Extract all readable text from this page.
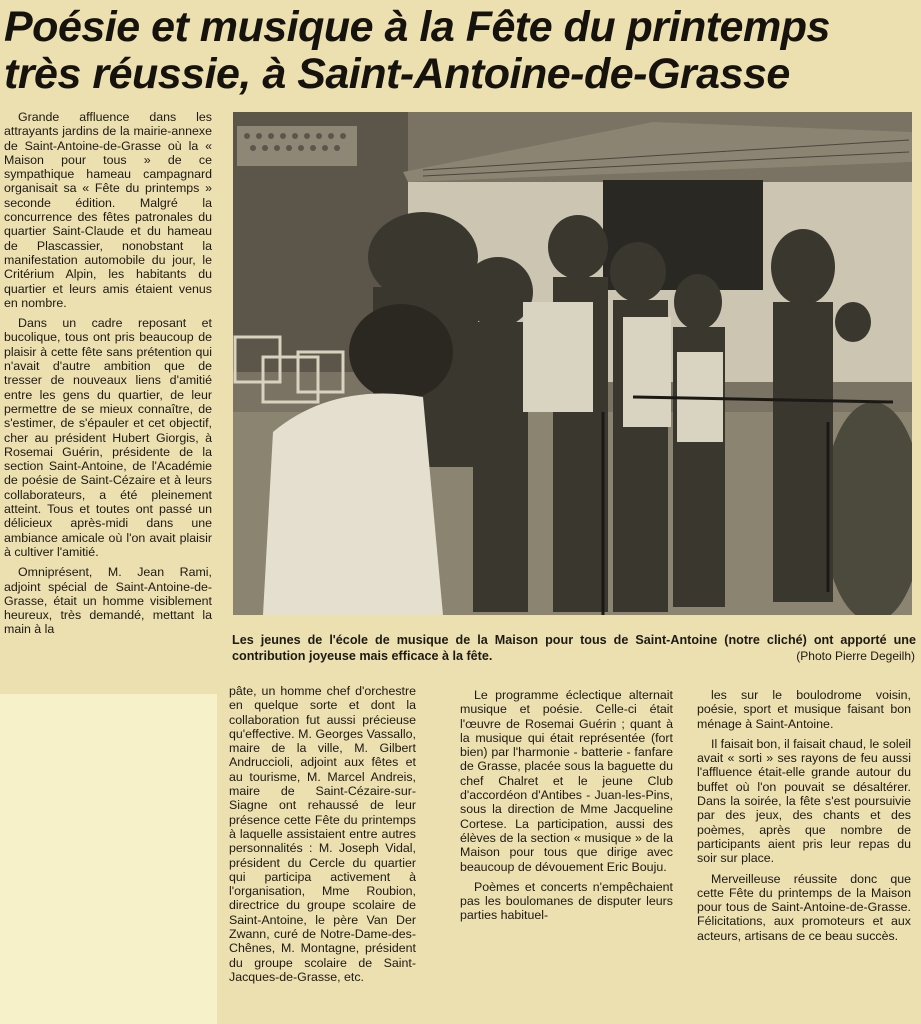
Poésie et musique à la Fête du printemps
très réussie, à Saint-Antoine-de-Grasse

Grande affluence dans les attrayants jardins de la mairie-annexe de Saint-Antoine-de-Grasse où la « Maison pour tous » de ce sympathique hameau campagnard organisait sa « Fête du printemps » seconde édition. Malgré la concurrence des fêtes patronales du quartier Saint-Claude et du hameau de Plascassier, nonobstant la manifestation automobile du jour, le Critérium Alpin, les habitants du quartier et leurs amis étaient venus en nombre.

Dans un cadre reposant et bucolique, tous ont pris beaucoup de plaisir à cette fête sans prétention qui n'avait d'autre ambition que de tresser de nouveaux liens d'amitié entre les gens du quartier, de leur permettre de se mieux connaître, de s'estimer, de s'épauler et cet objectif, cher au président Hubert Giorgis, à Rosemai Guérin, présidente de la section Saint-Antoine, de l'Académie de poésie de Saint-Cézaire et à leurs collaborateurs, a été pleinement atteint. Tous et toutes ont passé un délicieux après-midi dans une ambiance amicale où l'on avait plaisir à cultiver l'amitié.

Omniprésent, M. Jean Rami, adjoint spécial de Saint-Antoine-de-Grasse, était un homme visiblement heureux, très demandé, mettant la main à la

Les jeunes de l'école de musique de la Maison pour tous de Saint-Antoine (notre cliché) ont apporté une contribution joyeuse mais efficace à la fête.	(Photo Pierre Degeilh)

pâte, un homme chef d'orchestre en quelque sorte et dont la collaboration fut aussi précieuse qu'effective. M. Georges Vassallo, maire de la ville, M. Gilbert Andruccioli, adjoint aux fêtes et au tourisme, M. Marcel Andreis, maire de Saint-Cézaire-sur-Siagne ont rehaussé de leur présence cette Fête du printemps à laquelle assistaient entre autres personnalités : M. Joseph Vidal, président du Cercle du quartier qui participa activement à l'organisation, Mme Roubion, directrice du groupe scolaire de Saint-Antoine, le père Van Der Zwann, curé de Notre-Dame-des-Chênes, M. Montagne, président du groupe scolaire de Saint-Jacques-de-Grasse, etc.

Le programme éclectique alternait musique et poésie. Celle-ci était l'œuvre de Rosemai Guérin ; quant à la musique qui était représentée (fort bien) par l'harmonie - batterie - fanfare de Grasse, placée sous la baguette du chef Chalret et le jeune Club d'accordéon d'Antibes - Juan-les-Pins, sous la direction de Mme Jacqueline Cortese. La participation, aussi des élèves de la section « musique » de la Maison pour tous que dirige avec beaucoup de dévouement Eric Bouju.

Poèmes et concerts n'empêchaient pas les boulomanes de disputer leurs parties habituel-

les sur le boulodrome voisin, poésie, sport et musique faisant bon ménage à Saint-Antoine.

Il faisait bon, il faisait chaud, le soleil avait « sorti » ses rayons de feu aussi l'affluence était-elle grande autour du buffet où l'on pouvait se désaltérer. Dans la soirée, la fête s'est poursuivie par des jeux, des chants et des poèmes, après que nombre de participants aient pris leur repas du soir sur place.

Merveilleuse réussite donc que cette Fête du printemps de la Maison pour tous de Saint-Antoine-de-Grasse. Félicitations, aux promoteurs et aux acteurs, artisans de ce beau succès.
